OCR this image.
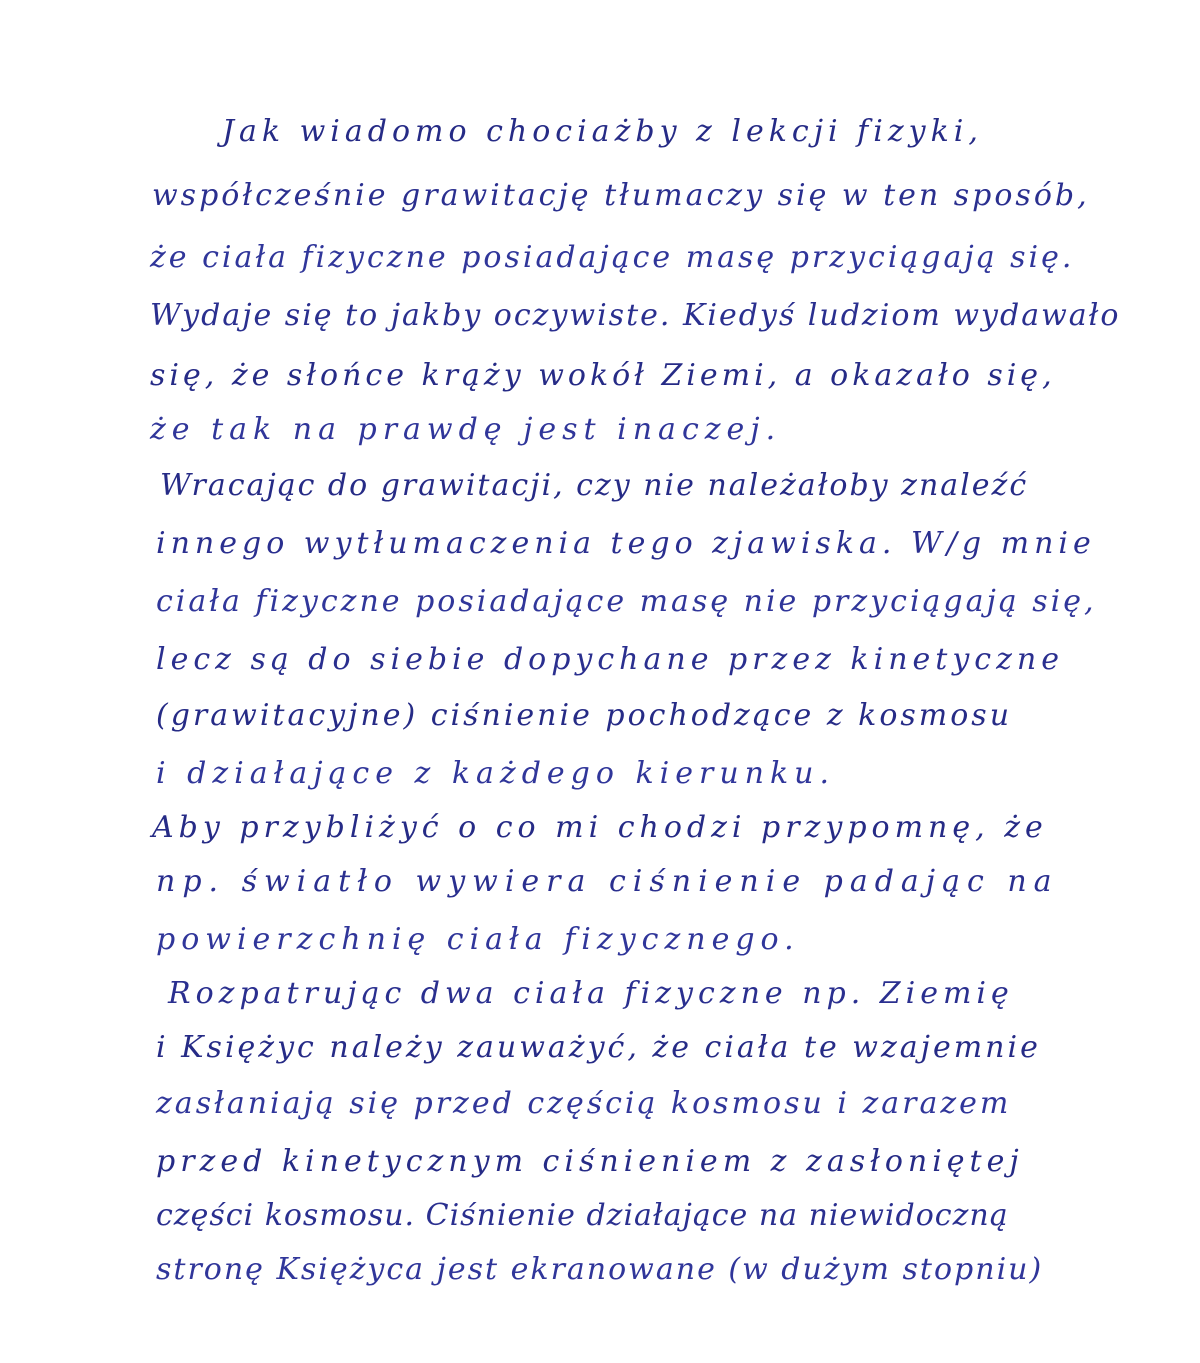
Jak wiadomo chociażby z lekcji fizyki,
współcześnie grawitację tłumaczy się w ten sposób,
że ciała fizyczne posiadające masę przyciągają się.
Wydaje się to jakby oczywiste. Kiedyś ludziom wydawało
się, że słońce krąży wokół Ziemi, a okazało się,
że tak na prawdę jest inaczej.
Wracając do grawitacji, czy nie należałoby znaleźć
innego wytłumaczenia tego zjawiska. W/g mnie
ciała fizyczne posiadające masę nie przyciągają się,
lecz są do siebie dopychane przez kinetyczne
(grawitacyjne) ciśnienie pochodzące z kosmosu
i działające z każdego kierunku.
Aby przybliżyć o co mi chodzi przypomnę, że
np. światło wywiera ciśnienie padając na
powierzchnię ciała fizycznego.
Rozpatrując dwa ciała fizyczne np. Ziemię
i Księżyc należy zauważyć, że ciała te wzajemnie
zasłaniają się przed częścią kosmosu i zarazem
przed kinetycznym ciśnieniem z zasłoniętej
części kosmosu. Ciśnienie działające na niewidoczną
stronę Księżyca jest ekranowane (w dużym stopniu)
